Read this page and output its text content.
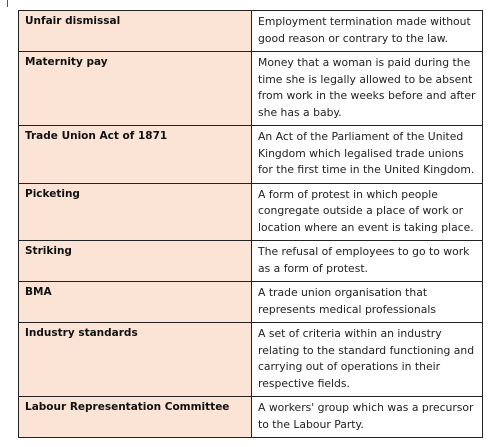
Unfair dismissal	Employment termination made without good reason or contrary to the law.
Maternity pay	Money that a woman is paid during the time she is legally allowed to be absent from work in the weeks before and after she has a baby.
Trade Union Act of 1871	An Act of the Parliament of the United Kingdom which legalised trade unions for the first time in the United Kingdom.
Picketing	A form of protest in which people congregate outside a place of work or location where an event is taking place.
Striking	The refusal of employees to go to work as a form of protest.
BMA	A trade union organisation that represents medical professionals
Industry standards	A set of criteria within an industry relating to the standard functioning and carrying out of operations in their respective fields.
Labour Representation Committee	A workers' group which was a precursor to the Labour Party.
